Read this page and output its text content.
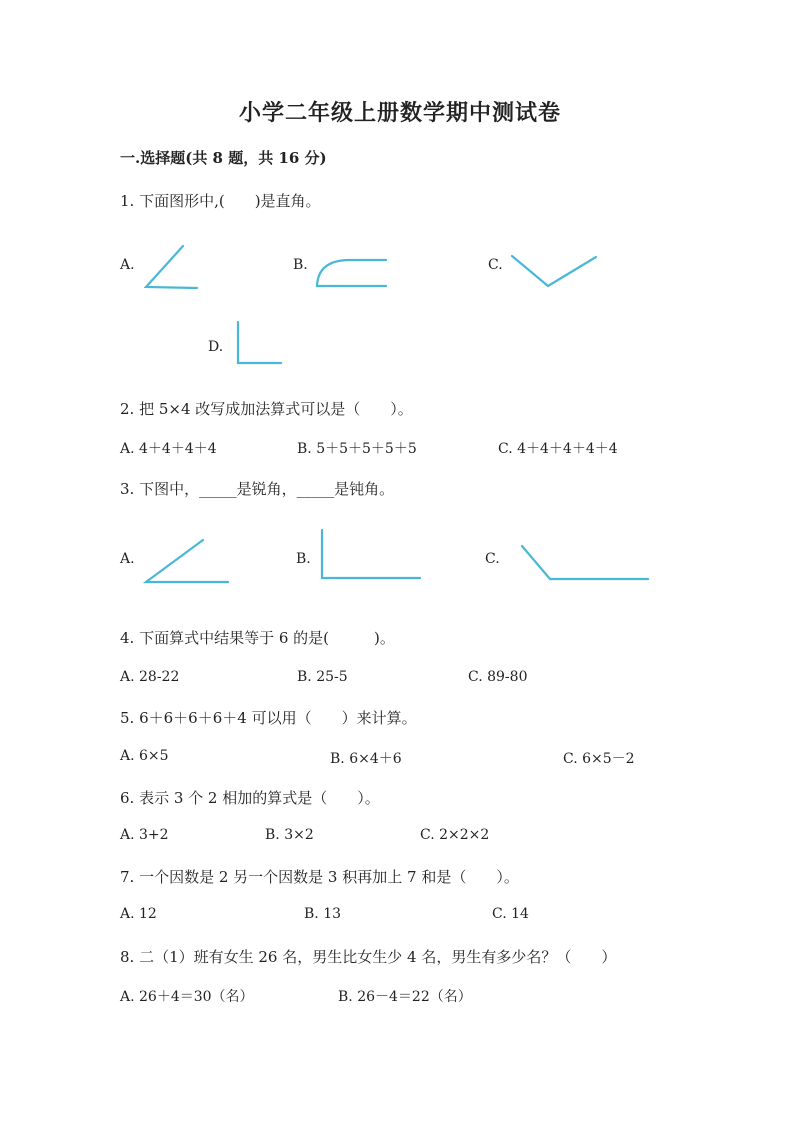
小学二年级上册数学期中测试卷
一.选择题(共 8 题，共 16 分)
1. 下面图形中,(　　)是直角。
A.	B.	C.
D.
2. 把 5×4 改写成加法算式可以是（　　）。
A. 4＋4＋4＋4	B. 5＋5＋5＋5＋5	C. 4＋4＋4＋4＋4
3. 下图中，_____是锐角，_____是钝角。
A.	B.	C.
4. 下面算式中结果等于 6 的是(　　　)。
A. 28-22	B. 25-5	C. 89-80
5. 6＋6＋6＋6＋4 可以用（　　）来计算。
A. 6×5	B. 6×4＋6	C. 6×5－2
6. 表示 3 个 2 相加的算式是（　　）。
A. 3+2	B. 3×2	C. 2×2×2
7. 一个因数是 2 另一个因数是 3 积再加上 7 和是（　　）。
A. 12	B. 13	C. 14
8. 二（1）班有女生 26 名，男生比女生少 4 名，男生有多少名？（　　）
A. 26＋4＝30（名）	B. 26－4＝22（名）
